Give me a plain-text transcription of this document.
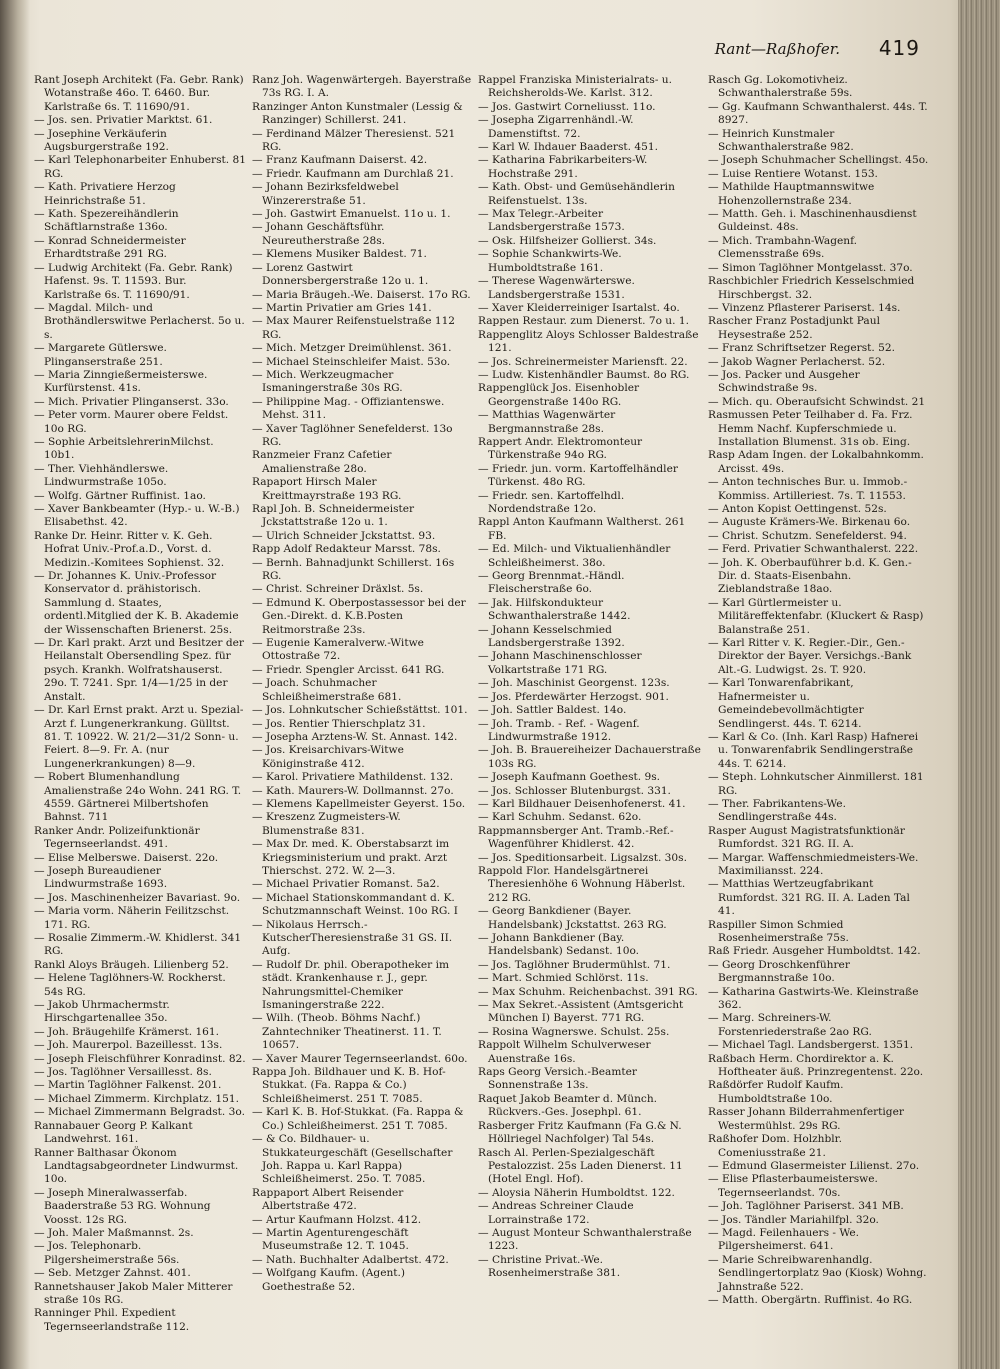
Rant—Raßhofer. 419
Rant Joseph Architekt (Fa. Gebr. Rank) Wotanstraße 46o. T. 6460. Bur. Karlstraße 6s. T. 11690/91.
— Jos. sen. Privatier Marktst. 61.
— Josephine Verkäuferin Augsburgerstraße 192.
— Karl Telephonarbeiter Enhuberst. 81 RG.
— Kath. Privatiere Herzog Heinrichstraße 51.
— Kath. Spezereihändlerin Schäftlarnstraße 136o.
— Konrad Schneidermeister Erhardtstraße 291 RG.
— Ludwig Architekt (Fa. Gebr. Rank) Hafenst. 9s. T. 11593. Bur. Karlstraße 6s. T. 11690/91.
— Magdal. Milch- und Brothändlerswitwe Perlacherst. 5o u. s.
— Margarete Gütlerswe. Plinganserstraße 251.
— Maria Zinngießermeisterswe. Kurfürstenst. 41s.
— Mich. Privatier Plinganserst. 33o.
— Peter vorm. Maurer obere Feldst. 10o RG.
— Sophie ArbeitslehrerinMilchst. 10b1.
— Ther. Viehhändlerswe. Lindwurmstraße 105o.
— Wolfg. Gärtner Ruffinist. 1ao.
— Xaver Bankbeamter (Hyp.- u. W.-B.) Elisabethst. 42.
Ranke Dr. Heinr. Ritter v. K. Geh. Hofrat Univ.-Prof.a.D., Vorst. d. Medizin.-Komitees Sophienst. 32.
— Dr. Johannes K. Univ.-Professor Konservator d. prähistorisch. Sammlung d. Staates, ordentl.Mitglied der K. B. Akademie der Wissenschaften Brienerst. 25s.
— Dr. Karl prakt. Arzt und Besitzer der Heilanstalt Obersendling Spez. für psych. Krankh. Wolfratshauserst. 29o. T. 7241. Spr. 1/4—1/25 in der Anstalt.
— Dr. Karl Ernst prakt. Arzt u. Spezial-Arzt f. Lungenerkrankung. Gülltst. 81. T. 10922. W. 21/2—31/2 Sonn- u. Feiert. 8—9. Fr. A. (nur Lungenerkrankungen) 8—9.
— Robert Blumenhandlung Amalienstraße 24o Wohn. 241 RG. T. 4559. Gärtnerei Milbertshofen Bahnst. 711
Ranker Andr. Polizeifunktionär Tegernseerlandst. 491.
— Elise Melberswe. Daiserst. 22o.
— Joseph Bureaudiener Lindwurmstraße 1693.
— Jos. Maschinenheizer Bavariast. 9o.
— Maria vorm. Näherin Feilitzschst. 171. RG.
— Rosalie Zimmerm.-W. Khidlerst. 341 RG.
Rankl Aloys Bräugeh. Lilienberg 52.
— Helene Taglöhners-W. Rockherst. 54s RG.
— Jakob Uhrmachermstr. Hirschgartenallee 35o.
— Joh. Bräugehilfe Krämerst. 161.
— Joh. Maurerpol. Bazeillesst. 13s.
— Joseph Fleischführer Konradinst. 82.
— Jos. Taglöhner Versaillesst. 8s.
— Martin Taglöhner Falkenst. 201.
— Michael Zimmerm. Kirchplatz. 151.
— Michael Zimmermann Belgradst. 3o.
Rannabauer Georg P. Kalkant Landwehrst. 161.
Ranner Balthasar Ökonom Landtagsabgeordneter Lindwurmst. 10o.
— Joseph Mineralwasserfab. Baaderstraße 53 RG. Wohnung Voosst. 12s RG.
— Joh. Maler Maßmannst. 2s.
— Jos. Telephonarb. Pilgersheimerstraße 56s.
— Seb. Metzger Zahnst. 401.
Rannetshauser Jakob Maler Mitterer straße 10s RG.
Ranninger Phil. Expedient Tegernseerlandstraße 112.
Ranz Joh. Wagenwärtergeh. Bayerstraße 73s RG. I. A.
Ranzinger Anton Kunstmaler (Lessig & Ranzinger) Schillerst. 241.
— Ferdinand Mälzer Theresienst. 521 RG.
— Franz Kaufmann Daiserst. 42.
— Friedr. Kaufmann am Durchlaß 21.
— Johann Bezirksfeldwebel Winzererstraße 51.
— Joh. Gastwirt Emanuelst. 11o u. 1.
— Johann Geschäftsführ. Neureutherstraße 28s.
— Klemens Musiker Baldest. 71.
— Lorenz Gastwirt Donnersbergerstraße 12o u. 1.
— Maria Bräugeh.-We. Daiserst. 17o RG.
— Martin Privatier am Gries 141.
— Max Maurer Reifenstuelstraße 112 RG.
— Mich. Metzger Dreimühlenst. 361.
— Michael Steinschleifer Maist. 53o.
— Mich. Werkzeugmacher Ismaningerstraße 30s RG.
— Philippine Mag. - Offiziantenswe. Mehst. 311.
— Xaver Taglöhner Senefelderst. 13o RG.
Ranzmeier Franz Cafetier Amalienstraße 28o.
Rapaport Hirsch Maler Kreittmayrstraße 193 RG.
Rapl Joh. B. Schneidermeister Jckstattstraße 12o u. 1.
— Ulrich Schneider Jckstattst. 93.
Rapp Adolf Redakteur Marsst. 78s.
— Bernh. Bahnadjunkt Schillerst. 16s RG.
— Christ. Schreiner Dräxlst. 5s.
— Edmund K. Oberpostassessor bei der Gen.-Direkt. d. K.B.Posten Reitmorstraße 23s.
— Eugenie Kameralverw.-Witwe Ottostraße 72.
— Friedr. Spengler Arcisst. 641 RG.
— Joach. Schuhmacher Schleißheimerstraße 681.
— Jos. Lohnkutscher Schießstättst. 101.
— Jos. Rentier Thierschplatz 31.
— Josepha Arztens-W. St. Annast. 142.
— Jos. Kreisarchivars-Witwe Königinstraße 412.
— Karol. Privatiere Mathildenst. 132.
— Kath. Maurers-W. Dollmannst. 27o.
— Klemens Kapellmeister Geyerst. 15o.
— Kreszenz Zugmeisters-W. Blumenstraße 831.
— Max Dr. med. K. Oberstabsarzt im Kriegsministerium und prakt. Arzt Thierschst. 272. W. 2—3.
— Michael Privatier Romanst. 5a2.
— Michael Stationskommandant d. K. Schutzmannschaft Weinst. 10o RG. I
— Nikolaus Herrsch.-KutscherTheresienstraße 31 GS. II. Aufg.
— Rudolf Dr. phil. Oberapotheker im städt. Krankenhause r. J., gepr. Nahrungsmittel-Chemiker Ismaningerstraße 222.
— Wilh. (Theob. Böhms Nachf.) Zahntechniker Theatinerst. 11. T. 10657.
— Xaver Maurer Tegernseerlandst. 60o.
Rappa Joh. Bildhauer und K. B. Hof-Stukkat. (Fa. Rappa & Co.) Schleißheimerst. 251 T. 7085.
— Karl K. B. Hof-Stukkat. (Fa. Rappa & Co.) Schleißheimerst. 251 T. 7085.
— & Co. Bildhauer- u. Stukkateurgeschäft (Gesellschafter Joh. Rappa u. Karl Rappa) Schleißheimerst. 25o. T. 7085.
Rappaport Albert Reisender Albertstraße 472.
— Artur Kaufmann Holzst. 412.
— Martin Agenturengeschäft Museumstraße 12. T. 1045.
— Nath. Buchhalter Adalbertst. 472.
— Wolfgang Kaufm. (Agent.) Goethestraße 52.
Rappel Franziska Ministerialrats- u. Reichsherolds-We. Karlst. 312.
— Jos. Gastwirt Corneliusst. 11o.
— Josepha Zigarrenhändl.-W. Damenstiftst. 72.
— Karl W. Ihdauer Baaderst. 451.
— Katharina Fabrikarbeiters-W. Hochstraße 291.
— Kath. Obst- und Gemüsehändlerin Reifenstuelst. 13s.
— Max Telegr.-Arbeiter Landsbergerstraße 1573.
— Osk. Hilfsheizer Gollierst. 34s.
— Sophie Schankwirts-We. Humboldtstraße 161.
— Therese Wagenwärterswe. Landsbergerstraße 1531.
— Xaver Kleiderreiniger Isartalst. 4o.
Rappen Restaur. zum Dienerst. 7o u. 1.
Rappenglitz Aloys Schlosser Baldestraße 121.
— Jos. Schreinermeister Mariensft. 22.
— Ludw. Kistenhändler Baumst. 8o RG.
Rappenglück Jos. Eisenhobler Georgenstraße 140o RG.
— Matthias Wagenwärter Bergmannstraße 28s.
Rappert Andr. Elektromonteur Türkenstraße 94o RG.
— Friedr. jun. vorm. Kartoffelhändler Türkenst. 48o RG.
— Friedr. sen. Kartoffelhdl. Nordendstraße 12o.
Rappl Anton Kaufmann Waltherst. 261 FB.
— Ed. Milch- und Viktualienhändler Schleißheimerst. 38o.
— Georg Brennmat.-Händl. Fleischerstraße 6o.
— Jak. Hilfskondukteur Schwanthalerstraße 1442.
— Johann Kesselschmied Landsbergerstraße 1392.
— Johann Maschinenschlosser Volkartstraße 171 RG.
— Joh. Maschinist Georgenst. 123s.
— Jos. Pferdewärter Herzogst. 901.
— Joh. Sattler Baldest. 14o.
— Joh. Tramb. - Ref. - Wagenf. Lindwurmstraße 1912.
— Joh. B. Brauereiheizer Dachauerstraße 103s RG.
— Joseph Kaufmann Goethest. 9s.
— Jos. Schlosser Blutenburgst. 331.
— Karl Bildhauer Deisenhofenerst. 41.
— Karl Schuhm. Sedanst. 62o.
Rappmannsberger Ant. Tramb.-Ref.-Wagenführer Khidlerst. 42.
— Jos. Speditionsarbeit. Ligsalzst. 30s.
Rappold Flor. Handelsgärtnerei Theresienhöhe 6 Wohnung Häberlst. 212 RG.
— Georg Bankdiener (Bayer. Handelsbank) Jckstattst. 263 RG.
— Johann Bankdiener (Bay. Handelsbank) Sedanst. 10o.
— Jos. Taglöhner Brudermühlst. 71.
— Mart. Schmied Schlörst. 11s.
— Max Schuhm. Reichenbachst. 391 RG.
— Max Sekret.-Assistent (Amtsgericht München I) Bayerst. 771 RG.
— Rosina Wagnerswe. Schulst. 25s.
Rappolt Wilhelm Schulverweser Auenstraße 16s.
Raps Georg Versich.-Beamter Sonnenstraße 13s.
Raquet Jakob Beamter d. Münch. Rückvers.-Ges. Josephpl. 61.
Rasberger Fritz Kaufmann (Fa G.& N. Höllriegel Nachfolger) Tal 54s.
Rasch Al. Perlen-Spezialgeschäft Pestalozzist. 25s Laden Dienerst. 11 (Hotel Engl. Hof).
— Aloysia Näherin Humboldtst. 122.
— Andreas Schreiner Claude Lorrainstraße 172.
— August Monteur Schwanthalerstraße 1223.
— Christine Privat.-We. Rosenheimerstraße 381.
Rasch Gg. Lokomotivheiz. Schwanthalerstraße 59s.
— Gg. Kaufmann Schwanthalerst. 44s. T. 8927.
— Heinrich Kunstmaler Schwanthalerstraße 982.
— Joseph Schuhmacher Schellingst. 45o.
— Luise Rentiere Wotanst. 153.
— Mathilde Hauptmannswitwe Hohenzollernstraße 234.
— Matth. Geh. i. Maschinenhausdienst Guldeinst. 48s.
— Mich. Trambahn-Wagenf. Clemensstraße 69s.
— Simon Taglöhner Montgelasst. 37o.
Raschbichler Friedrich Kesselschmied Hirschbergst. 32.
— Vinzenz Pflasterer Pariserst. 14s.
Rascher Franz Postadjunkt Paul Heysestraße 252.
— Franz Schriftsetzer Regerst. 52.
— Jakob Wagner Perlacherst. 52.
— Jos. Packer und Ausgeher Schwindstraße 9s.
— Mich. qu. Oberaufsicht Schwindst. 21
Rasmussen Peter Teilhaber d. Fa. Frz. Hemm Nachf. Kupferschmiede u. Installation Blumenst. 31s ob. Eing.
Rasp Adam Ingen. der Lokalbahnkomm. Arcisst. 49s.
— Anton technisches Bur. u. Immob.-Kommiss. Artilleriest. 7s. T. 11553.
— Anton Kopist Oettingenst. 52s.
— Auguste Krämers-We. Birkenau 6o.
— Christ. Schutzm. Senefelderst. 94.
— Ferd. Privatier Schwanthalerst. 222.
— Joh. K. Oberbauführer b.d. K. Gen.-Dir. d. Staats-Eisenbahn. Zieblandstraße 18ao.
— Karl Gürtlermeister u. Militäreffektenfabr. (Kluckert & Rasp) Balanstraße 251.
— Karl Ritter v. K. Regier.-Dir., Gen.-Direktor der Bayer. Versichgs.-Bank Alt.-G. Ludwigst. 2s. T. 920.
— Karl Tonwarenfabrikant, Hafnermeister u. Gemeindebevollmächtigter Sendlingerst. 44s. T. 6214.
— Karl & Co. (Inh. Karl Rasp) Hafnerei u. Tonwarenfabrik Sendlingerstraße 44s. T. 6214.
— Steph. Lohnkutscher Ainmillerst. 181 RG.
— Ther. Fabrikantens-We. Sendlingerstraße 44s.
Rasper August Magistratsfunktionär Rumfordst. 321 RG. II. A.
— Margar. Waffenschmiedmeisters-We. Maximiliansst. 224.
— Matthias Wertzeugfabrikant Rumfordst. 321 RG. II. A. Laden Tal 41.
Raspiller Simon Schmied Rosenheimerstraße 75s.
Raß Friedr. Ausgeher Humboldtst. 142.
— Georg Droschkenführer Bergmannstraße 10o.
— Katharina Gastwirts-We. Kleinstraße 362.
— Marg. Schreiners-W. Forstenriederstraße 2ao RG.
— Michael Tagl. Landsbergerst. 1351.
Raßbach Herm. Chordirektor a. K. Hoftheater äuß. Prinzregentenst. 22o.
Raßdörfer Rudolf Kaufm. Humboldtstraße 10o.
Rasser Johann Bilderrahmenfertiger Westermühlst. 29s RG.
Raßhofer Dom. Holzhblr. Comeniusstraße 21.
— Edmund Glasermeister Lilienst. 27o.
— Elise Pflasterbaumeisterswe. Tegernseerlandst. 70s.
— Joh. Taglöhner Pariserst. 341 MB.
— Jos. Tändler Mariahilfpl. 32o.
— Magd. Feilenhauers - We. Pilgersheimerst. 641.
— Marie Schreibwarenhandlg. Sendlingertorplatz 9ao (Kiosk) Wohng. Jahnstraße 522.
— Matth. Obergärtn. Ruffinist. 4o RG.
